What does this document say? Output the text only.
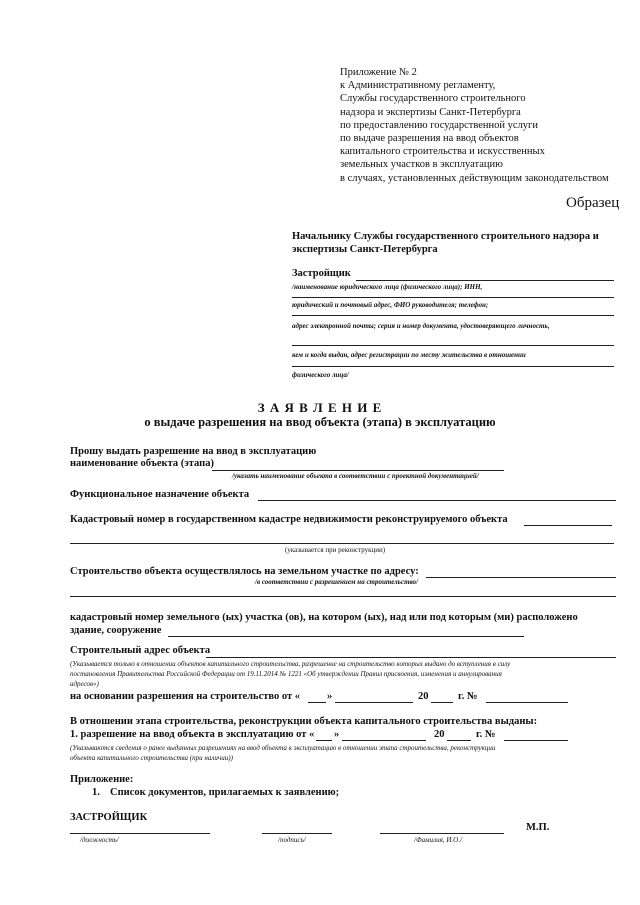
Приложение № 2
к Административному регламенту,
Службы государственного строительного
надзора и экспертизы Санкт-Петербурга
по предоставлению государственной услуги
по выдаче разрешения на ввод объектов
капитального строительства и искусственных
земельных участков в эксплуатацию
в случаях, установленных действующим законодательством
Образец
Начальнику Службы государственного строительного надзора и
экспертизы Санкт-Петербурга
Застройщик
/наименование юридического лица (физического лица); ИНН,
юридический и почтовый адрес, ФИО руководителя; телефон;
адрес электронной почты; серия и номер документа, удостоверяющего личность,
кем и когда выдан, адрес регистрации по месту жительства в отношении
физического лица/
З А Я В Л Е Н И Е
о выдаче разрешения на ввод объекта (этапа) в эксплуатацию
Прошу выдать разрешение на ввод в эксплуатацию
наименование объекта (этапа)
/указать наименование объекта в соответствии с проектной документацией/
Функциональное назначение объекта
Кадастровый номер в государственном кадастре недвижимости реконструируемого объекта
(указывается при реконструкции)
Строительство объекта осуществлялось на земельном участке по адресу:
/в соответствии с разрешением на строительство/
кадастровый номер земельного (ых) участка (ов), на котором (ых), над или под которым (ми) расположено
здание, сооружение
Строительный адрес объекта
(Указывается только в отношении объектов капитального строительства, разрешение на строительство которых выдано до вступления в силу
постановления Правительства Российской Федерации от 19.11.2014 № 1221 «Об утверждении Правил присвоения, изменения и аннулирования
адресов»)
на основании разрешения на строительство от «	»	20	г. №
В отношении этапа строительства, реконструкции объекта капитального строительства выданы:
1. разрешение на ввод объекта в эксплуатацию от « »	20	г. №
(Указываются сведения о ранее выданных разрешениях на ввод объекта в эксплуатацию в отношении этапа строительства, реконструкции
объекта капитального строительства (при наличии))
Приложение:
1. Список документов, прилагаемых к заявлению;
ЗАСТРОЙЩИК
/должность/	/подпись/	/Фамилия, И.О./
М.П.
